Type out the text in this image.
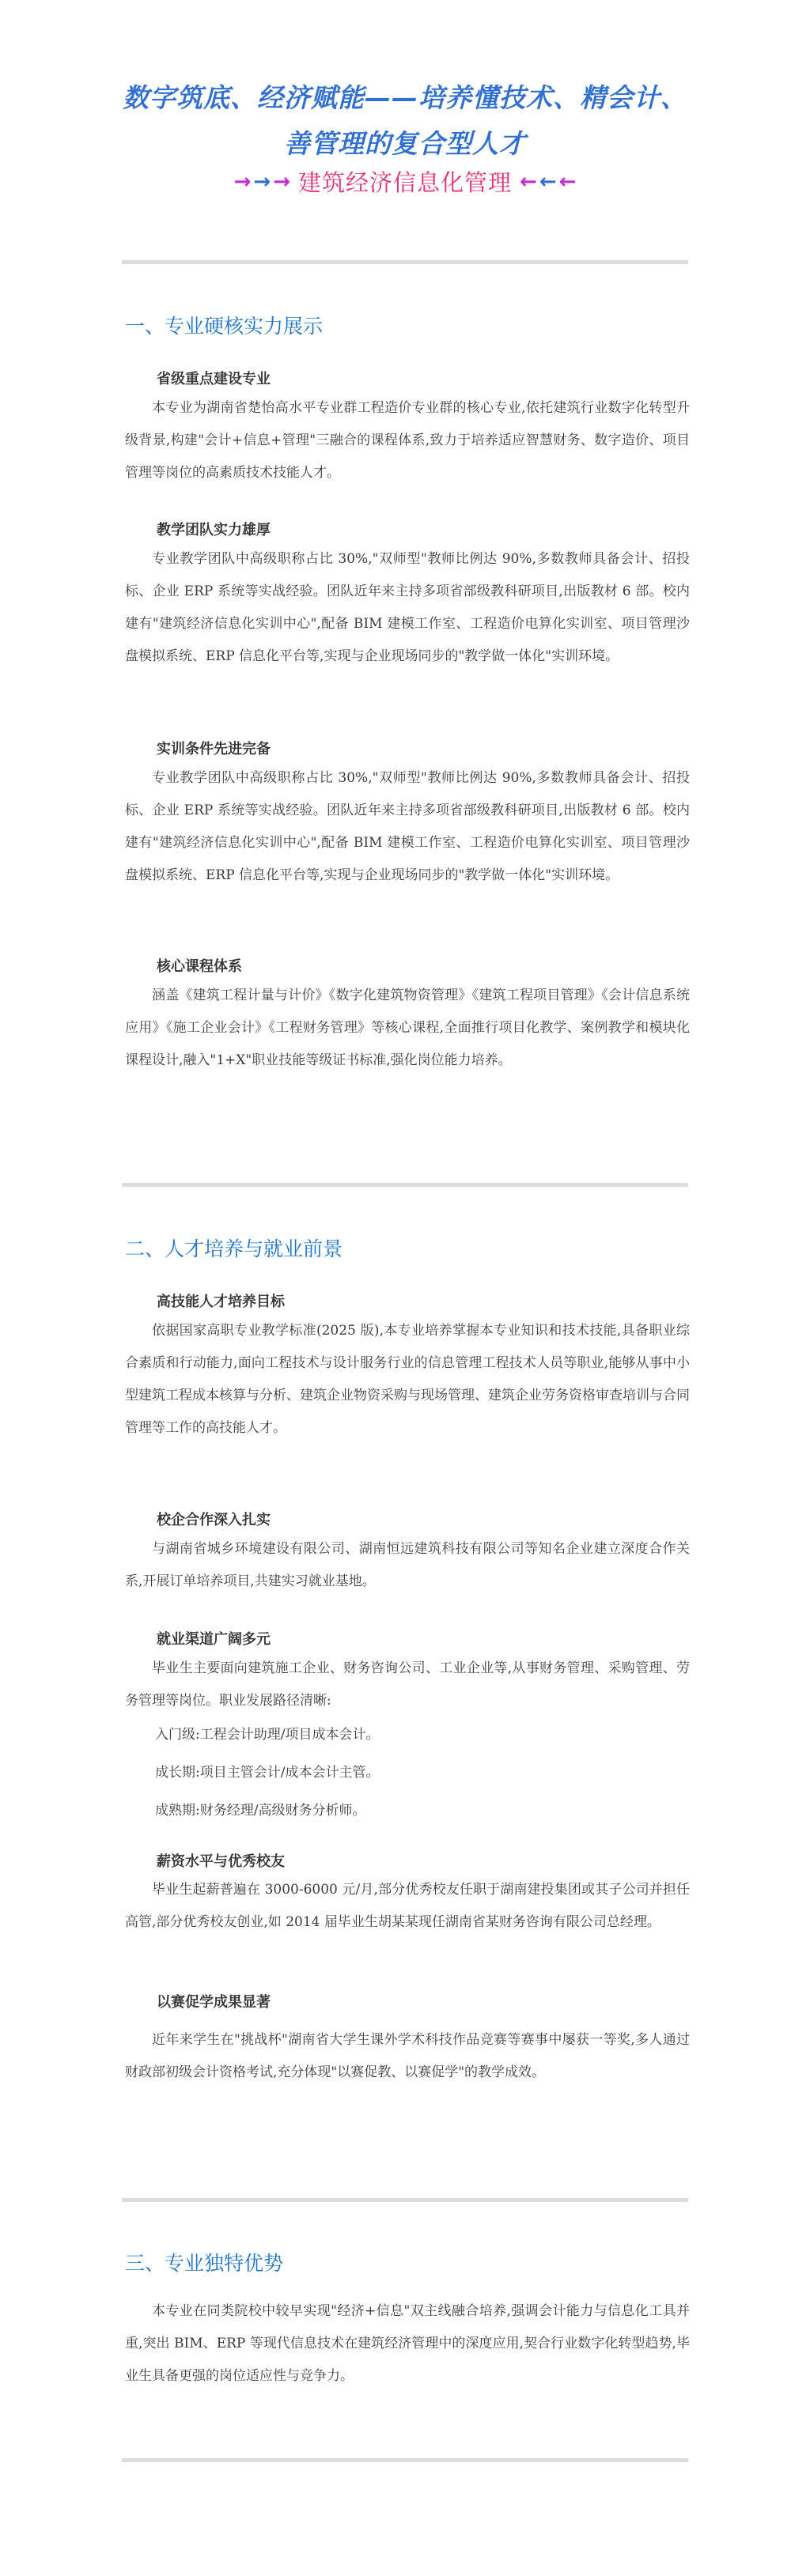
数字筑底、经济赋能——培养懂技术、精会计、
善管理的复合型人才
→ → → 建筑经济信息化管理 ← ← ←
一、专业硬核实力展示
省级重点建设专业

本专业为湖南省楚怡高水平专业群工程造价专业群的核心专业,依托建筑行业数字化转型升级背景,构建"会计+信息+管理"三融合的课程体系,致力于培养适应智慧财务、数字造价、项目管理等岗位的高素质技术技能人才。

教学团队实力雄厚

专业教学团队中高级职称占比 30%,"双师型"教师比例达 90%,多数教师具备会计、招投标、企业 ERP 系统等实战经验。团队近年来主持多项省部级教科研项目,出版教材 6 部。校内建有"建筑经济信息化实训中心",配备 BIM 建模工作室、工程造价电算化实训室、项目管理沙盘模拟系统、ERP 信息化平台等,实现与企业现场同步的"教学做一体化"实训环境。

实训条件先进完备

专业教学团队中高级职称占比 30%,"双师型"教师比例达 90%,多数教师具备会计、招投标、企业 ERP 系统等实战经验。团队近年来主持多项省部级教科研项目,出版教材 6 部。校内建有"建筑经济信息化实训中心",配备 BIM 建模工作室、工程造价电算化实训室、项目管理沙盘模拟系统、ERP 信息化平台等,实现与企业现场同步的"教学做一体化"实训环境。

核心课程体系

涵盖《建筑工程计量与计价》《数字化建筑物资管理》《建筑工程项目管理》《会计信息系统应用》《施工企业会计》《工程财务管理》等核心课程,全面推行项目化教学、案例教学和模块化课程设计,融入"1+X"职业技能等级证书标准,强化岗位能力培养。

二、人才培养与就业前景
高技能人才培养目标

依据国家高职专业教学标准(2025 版),本专业培养掌握本专业知识和技术技能,具备职业综合素质和行动能力,面向工程技术与设计服务行业的信息管理工程技术人员等职业,能够从事中小型建筑工程成本核算与分析、建筑企业物资采购与现场管理、建筑企业劳务资格审查培训与合同管理等工作的高技能人才。

校企合作深入扎实

与湖南省城乡环境建设有限公司、湖南恒远建筑科技有限公司等知名企业建立深度合作关系,开展订单培养项目,共建实习就业基地。

就业渠道广阔多元

毕业生主要面向建筑施工企业、财务咨询公司、工业企业等,从事财务管理、采购管理、劳务管理等岗位。职业发展路径清晰:

入门级:工程会计助理/项目成本会计。

成长期:项目主管会计/成本会计主管。

成熟期:财务经理/高级财务分析师。

薪资水平与优秀校友

毕业生起薪普遍在 3000-6000 元/月,部分优秀校友任职于湖南建投集团或其子公司并担任高管,部分优秀校友创业,如 2014 届毕业生胡某某现任湖南省某财务咨询有限公司总经理。

以赛促学成果显著

近年来学生在"挑战杯"湖南省大学生课外学术科技作品竞赛等赛事中屡获一等奖,多人通过财政部初级会计资格考试,充分体现"以赛促教、以赛促学"的教学成效。

三、专业独特优势

本专业在同类院校中较早实现"经济+信息"双主线融合培养,强调会计能力与信息化工具并重,突出 BIM、ERP 等现代信息技术在建筑经济管理中的深度应用,契合行业数字化转型趋势,毕业生具备更强的岗位适应性与竞争力。
